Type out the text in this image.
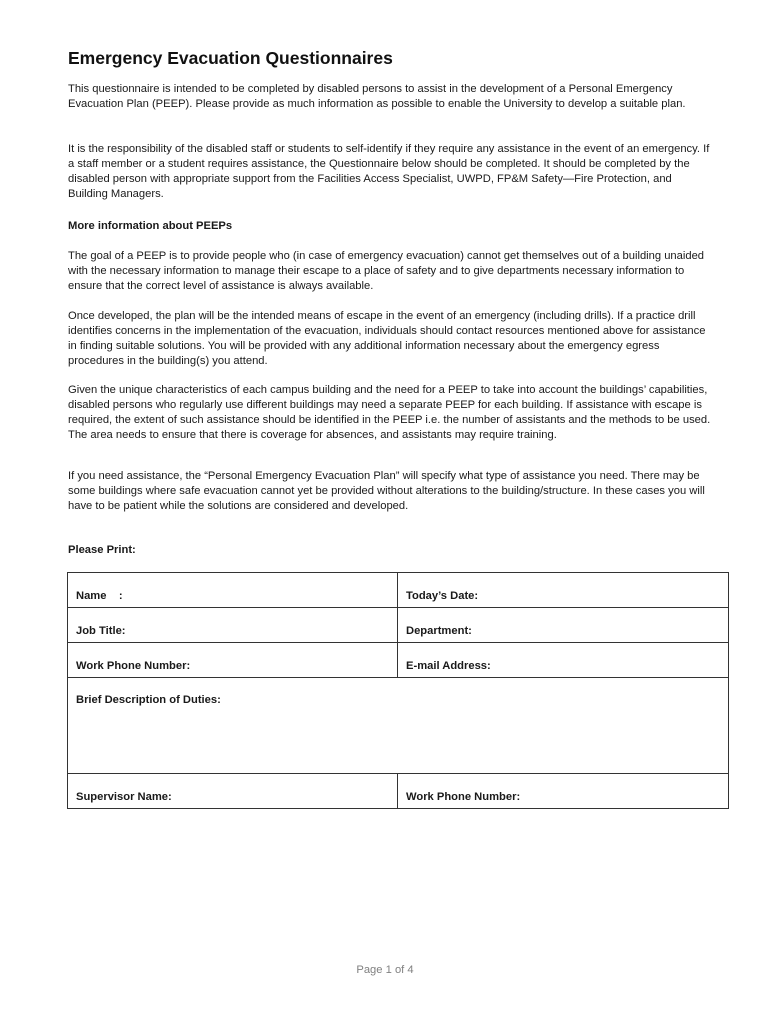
Emergency Evacuation Questionnaires

This questionnaire is intended to be completed by disabled persons to assist in the development of a Personal Emergency Evacuation Plan (PEEP). Please provide as much information as possible to enable the University to develop a suitable plan.

It is the responsibility of the disabled staff or students to self-identify if they require any assistance in the event of an emergency. If a staff member or a student requires assistance, the Questionnaire below should be completed. It should be completed by the disabled person with appropriate support from the Facilities Access Specialist, UWPD, FP&M Safety—Fire Protection, and Building Managers.

More information about PEEPs

The goal of a PEEP is to provide people who (in case of emergency evacuation) cannot get themselves out of a building unaided with the necessary information to manage their escape to a place of safety and to give departments necessary information to ensure that the correct level of assistance is always available.

Once developed, the plan will be the intended means of escape in the event of an emergency (including drills). If a practice drill identifies concerns in the implementation of the evacuation, individuals should contact resources mentioned above for assistance in finding suitable solutions. You will be provided with any additional information necessary about the emergency egress procedures in the building(s) you attend.

Given the unique characteristics of each campus building and the need for a PEEP to take into account the buildings’ capabilities, disabled persons who regularly use different buildings may need a separate PEEP for each building. If assistance with escape is required, the extent of such assistance should be identified in the PEEP i.e. the number of assistants and the methods to be used. The area needs to ensure that there is coverage for absences, and assistants may require training.

If you need assistance, the “Personal Emergency Evacuation Plan” will specify what type of assistance you need. There may be some buildings where safe evacuation cannot yet be provided without alterations to the building/structure. In these cases you will have to be patient while the solutions are considered and developed.

Please Print:
Name    :	Today’s Date:
Job Title:	Department:
Work Phone Number:	E-mail Address:
Brief Description of Duties:	
Supervisor Name:	Work Phone Number:
Page 1 of 4
